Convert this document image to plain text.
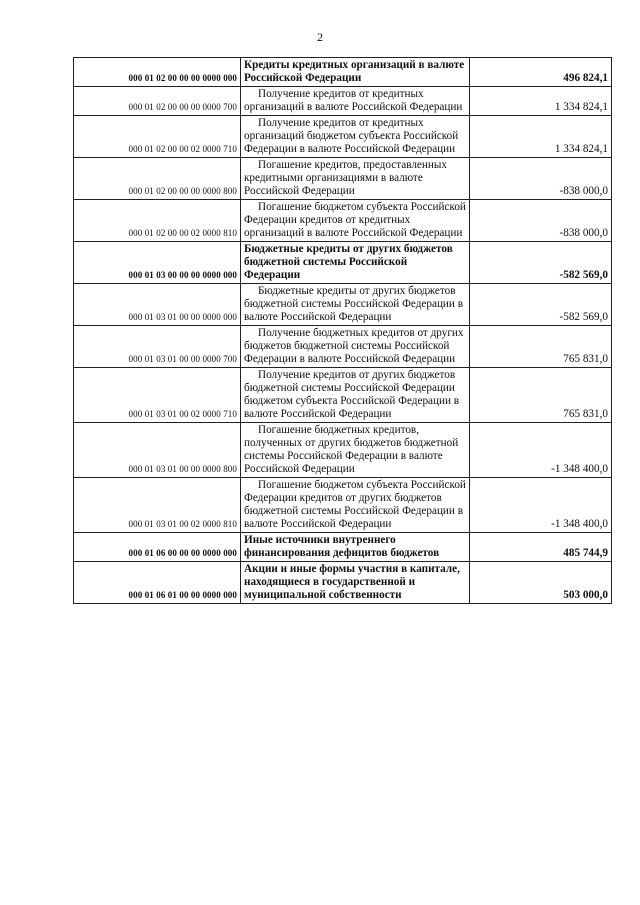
2
000 01 02 00 00 00 0000 000	Кредиты кредитных организаций в валюте Российской Федерации	496 824,1
000 01 02 00 00 00 0000 700	Получение кредитов от кредитных организаций в валюте Российской Федерации	1 334 824,1
000 01 02 00 00 02 0000 710	Получение кредитов от кредитных организаций бюджетом субъекта Российской Федерации в валюте Российской Федерации	1 334 824,1
000 01 02 00 00 00 0000 800	Погашение кредитов, предоставленных кредитными организациями в валюте Российской Федерации	-838 000,0
000 01 02 00 00 02 0000 810	Погашение бюджетом субъекта Российской Федерации кредитов от кредитных организаций в валюте Российской Федерации	-838 000,0
000 01 03 00 00 00 0000 000	Бюджетные кредиты от других бюджетов бюджетной системы Российской Федерации	-582 569,0
000 01 03 01 00 00 0000 000	Бюджетные кредиты от других бюджетов бюджетной системы Российской Федерации в валюте Российской Федерации	-582 569,0
000 01 03 01 00 00 0000 700	Получение бюджетных кредитов от других бюджетов бюджетной системы Российской Федерации в валюте Российской Федерации	765 831,0
000 01 03 01 00 02 0000 710	Получение кредитов от других бюджетов бюджетной системы Российской Федерации бюджетом субъекта Российской Федерации в валюте Российской Федерации	765 831,0
000 01 03 01 00 00 0000 800	Погашение бюджетных кредитов, полученных от других бюджетов бюджетной системы Российской Федерации в валюте Российской Федерации	-1 348 400,0
000 01 03 01 00 02 0000 810	Погашение бюджетом субъекта Российской Федерации кредитов от других бюджетов бюджетной системы Российской Федерации в валюте Российской Федерации	-1 348 400,0
000 01 06 00 00 00 0000 000	Иные источники внутреннего финансирования дефицитов бюджетов	485 744,9
000 01 06 01 00 00 0000 000	Акции и иные формы участия в капитале, находящиеся в государственной и муниципальной собственности	503 000,0
